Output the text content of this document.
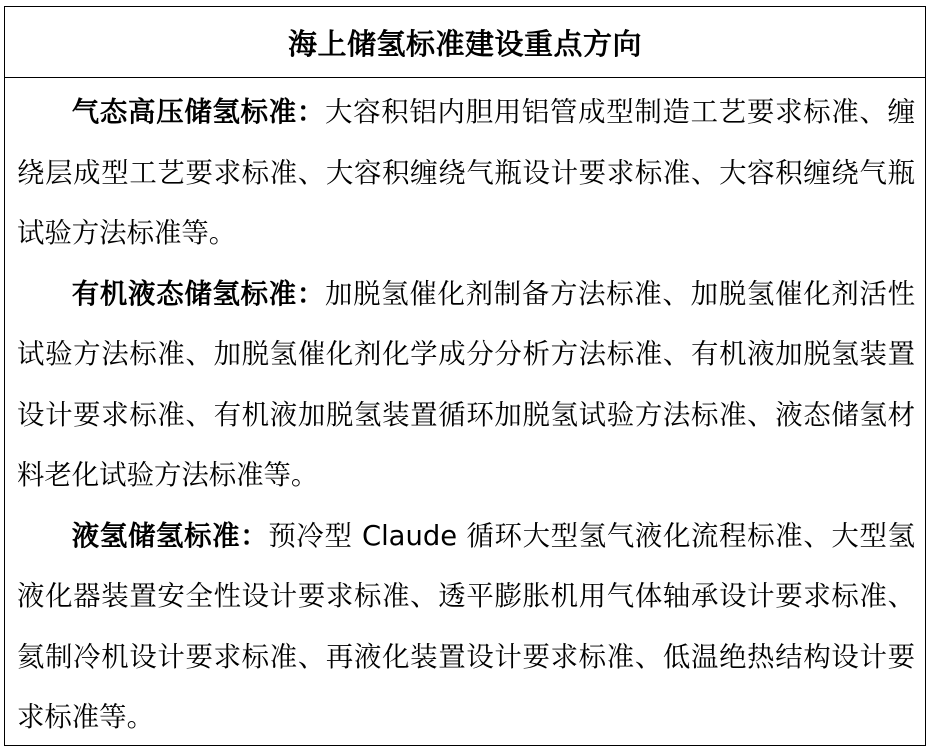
海上储氢标准建设重点方向

气态高压储氢标准：大容积铝内胆用铝管成型制造工艺要求标准、缠绕层成型工艺要求标准、大容积缠绕气瓶设计要求标准、大容积缠绕气瓶试验方法标准等。

有机液态储氢标准：加脱氢催化剂制备方法标准、加脱氢催化剂活性试验方法标准、加脱氢催化剂化学成分分析方法标准、有机液加脱氢装置设计要求标准、有机液加脱氢装置循环加脱氢试验方法标准、液态储氢材料老化试验方法标准等。

液氢储氢标准：预冷型 Claude 循环大型氢气液化流程标准、大型氢液化器装置安全性设计要求标准、透平膨胀机用气体轴承设计要求标准、氦制冷机设计要求标准、再液化装置设计要求标准、低温绝热结构设计要求标准等。
